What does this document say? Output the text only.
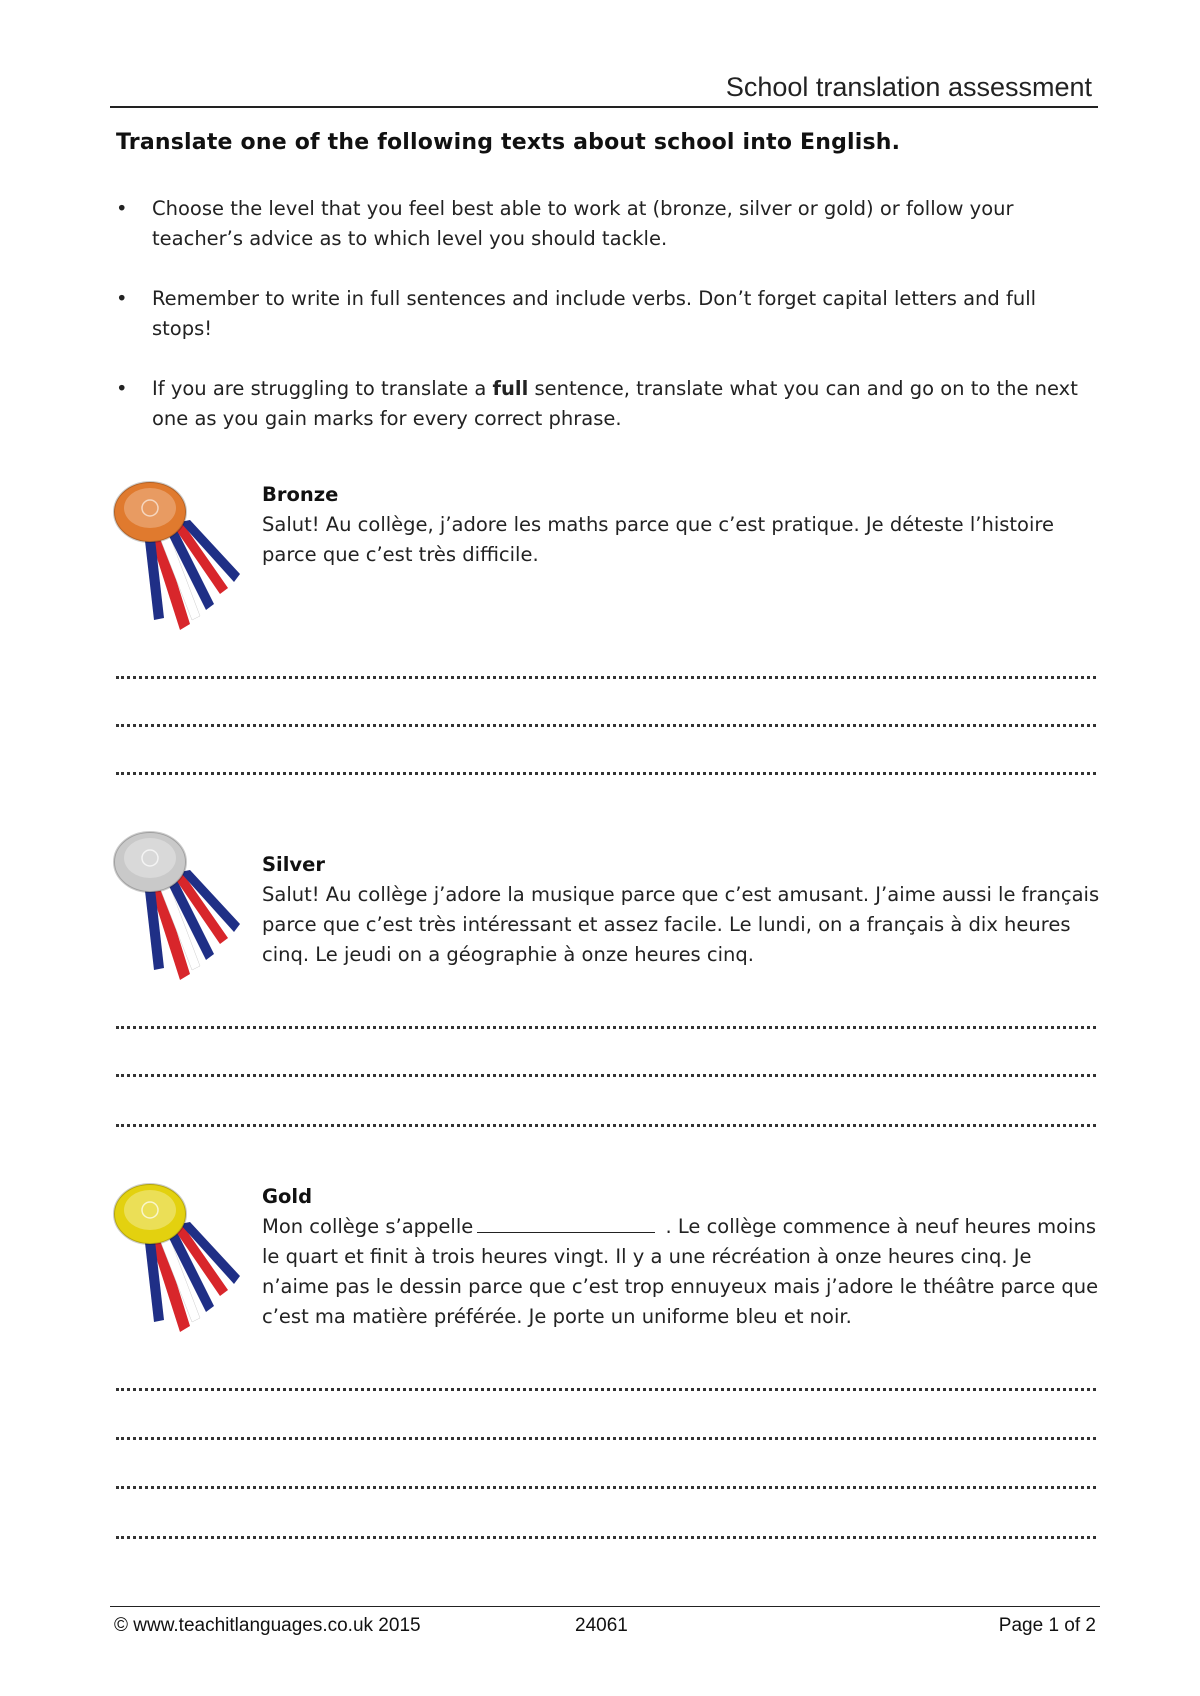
School translation assessment
Translate one of the following texts about school into English.
• Choose the level that you feel best able to work at (bronze, silver or gold) or follow your teacher’s advice as to which level you should tackle.
• Remember to write in full sentences and include verbs. Don’t forget capital letters and full stops!
• If you are struggling to translate a full sentence, translate what you can and go on to the next one as you gain marks for every correct phrase.
Bronze
Salut! Au collège, j’adore les maths parce que c’est pratique. Je déteste l’histoire parce que c’est très difficile.
Silver
Salut! Au collège j’adore la musique parce que c’est amusant. J’aime aussi le français parce que c’est très intéressant et assez facile. Le lundi, on a français à dix heures cinq. Le jeudi on a géographie à onze heures cinq.
Gold
Mon collège s’appelle	. Le collège commence à neuf heures moins le quart et finit à trois heures vingt. Il y a une récréation à onze heures cinq. Je n’aime pas le dessin parce que c’est trop ennuyeux mais j’adore le théâtre parce que c’est ma matière préférée. Je porte un uniforme bleu et noir.
© www.teachitlanguages.co.uk 2015	24061	Page 1 of 2
